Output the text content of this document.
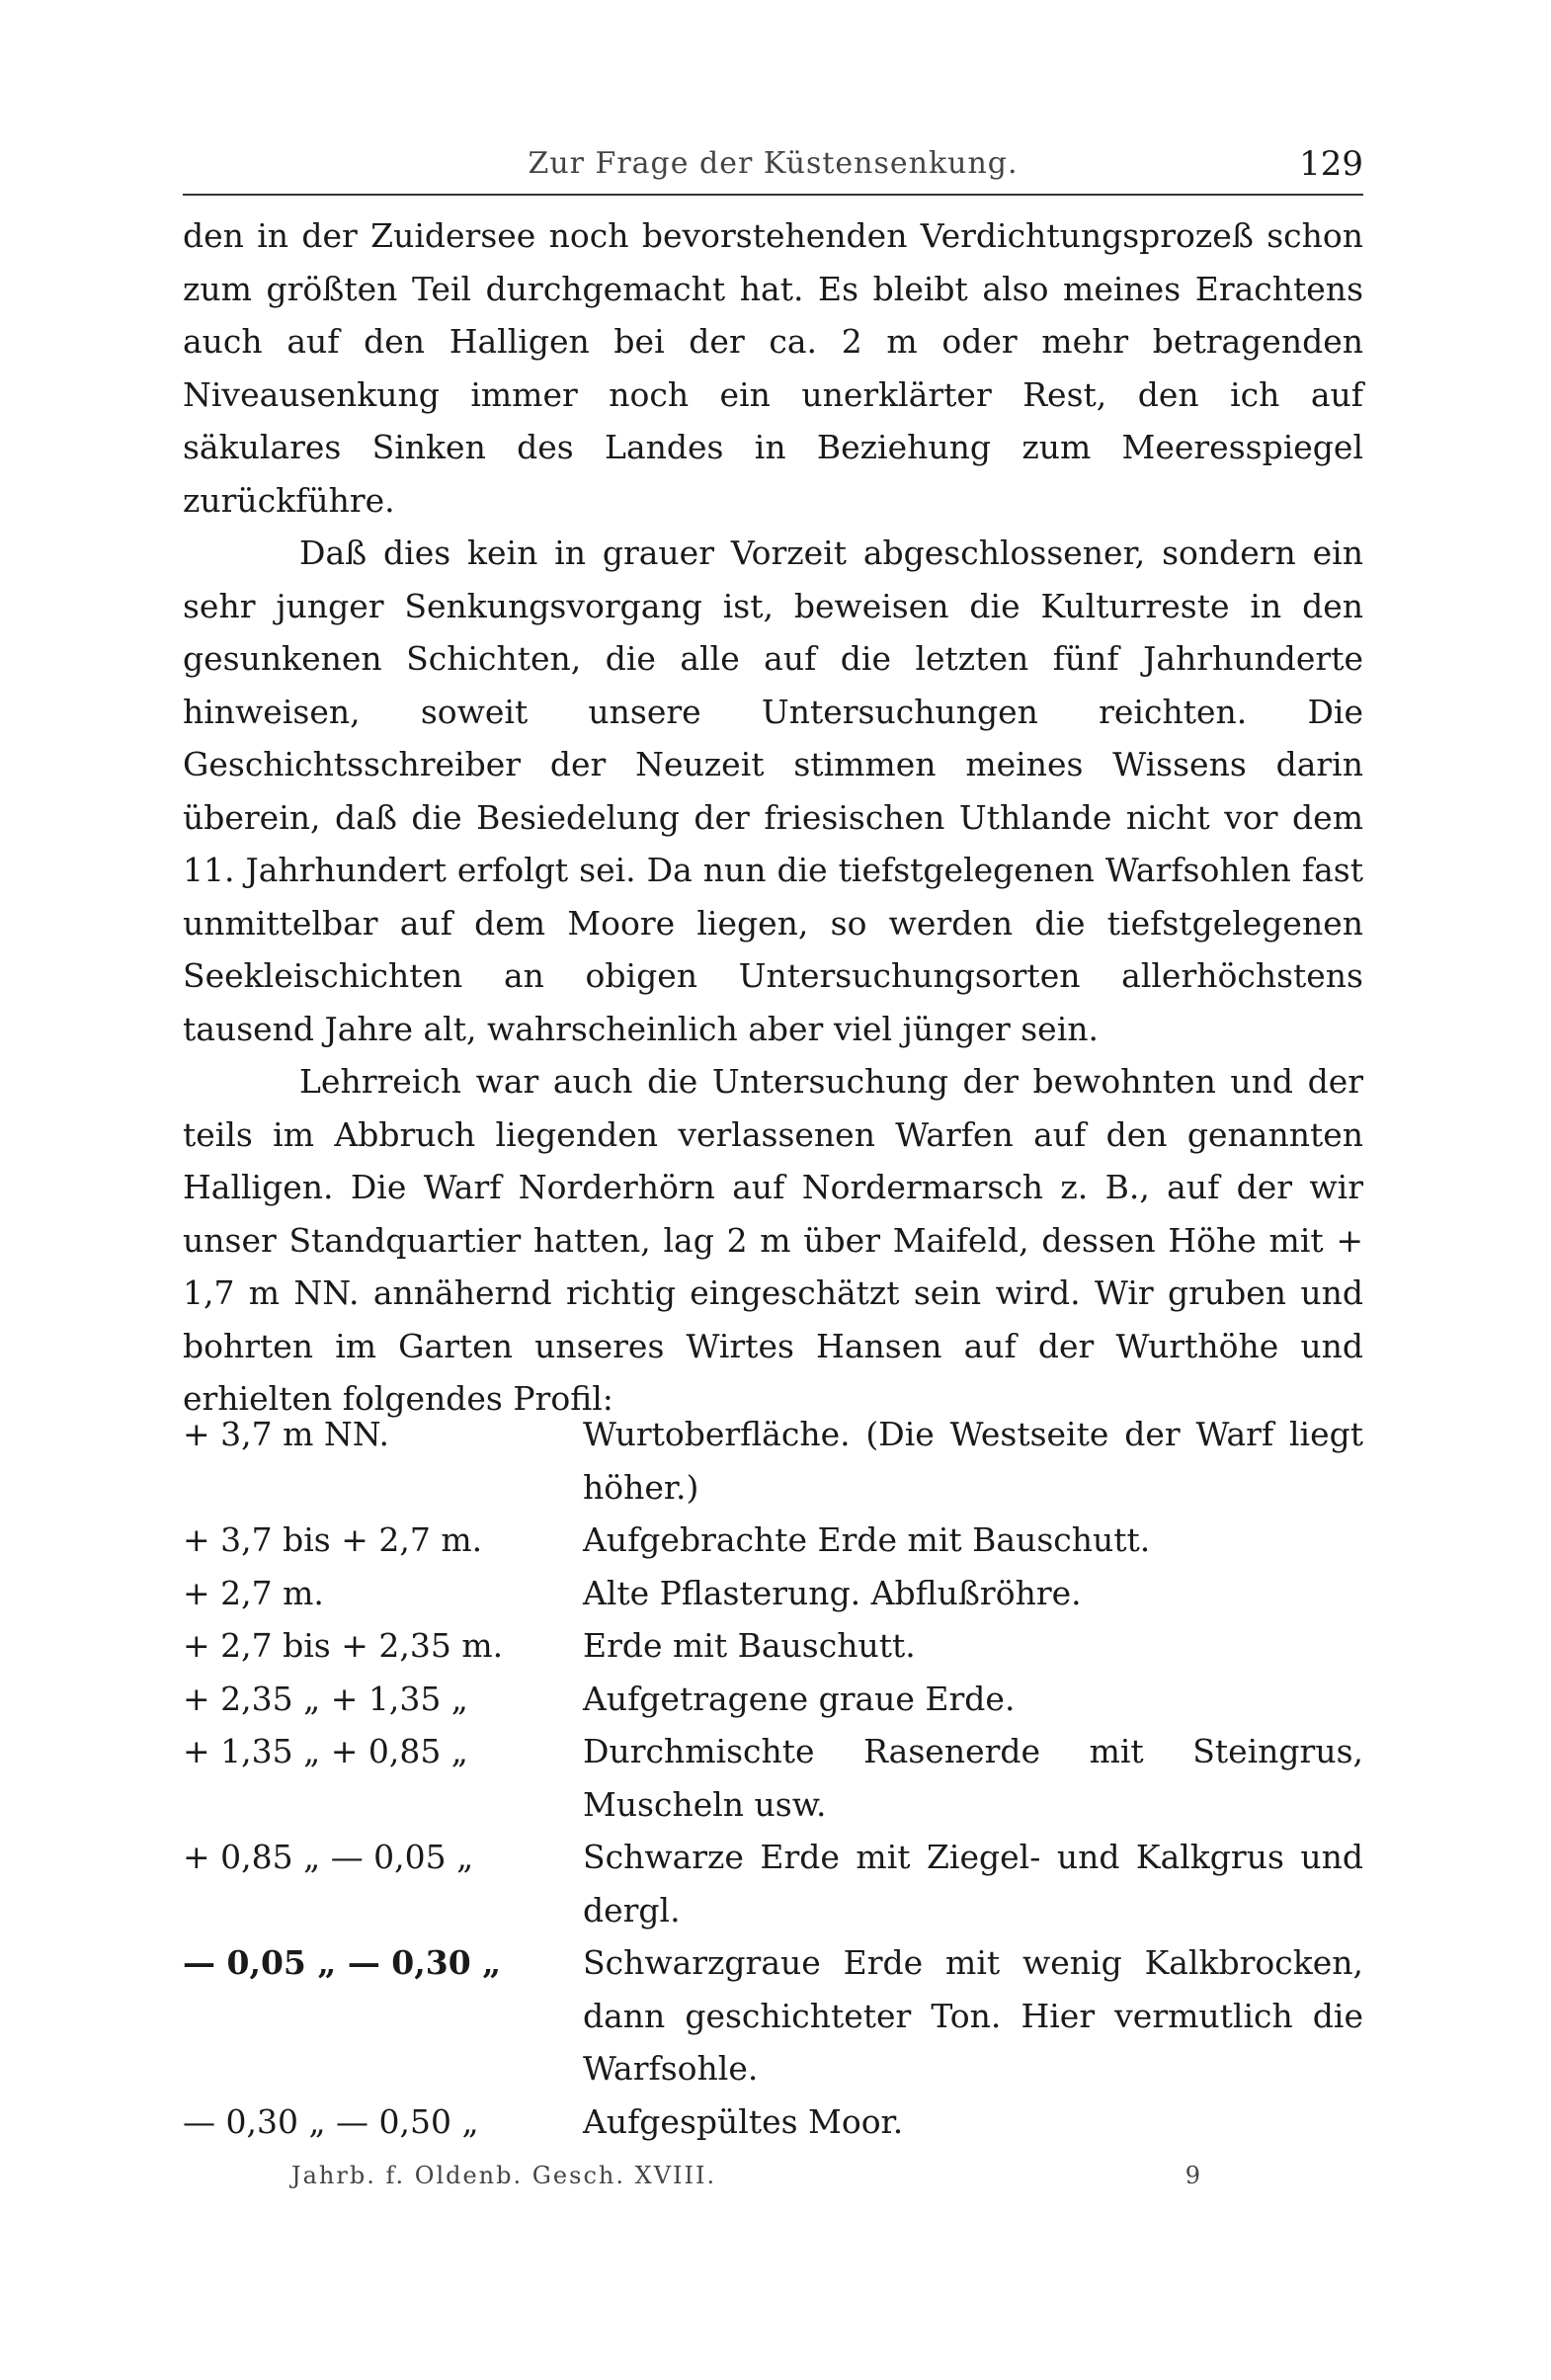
Zur Frage der Küstensenkung.	129

den in der Zuidersee noch bevorstehenden Verdichtungsprozeß schon zum größten Teil durchgemacht hat. Es bleibt also meines Erachtens auch auf den Halligen bei der ca. 2 m oder mehr betragenden Niveausenkung immer noch ein unerklärter Rest, den ich auf säkulares Sinken des Landes in Beziehung zum Meeresspiegel zurückführe.

Daß dies kein in grauer Vorzeit abgeschlossener, sondern ein sehr junger Senkungsvorgang ist, beweisen die Kulturreste in den gesunkenen Schichten, die alle auf die letzten fünf Jahrhunderte hinweisen, soweit unsere Untersuchungen reichten. Die Geschichtsschreiber der Neuzeit stimmen meines Wissens darin überein, daß die Besiedelung der friesischen Uthlande nicht vor dem 11. Jahrhundert erfolgt sei. Da nun die tiefstgelegenen Warfsohlen fast unmittelbar auf dem Moore liegen, so werden die tiefstgelegenen Seekleischichten an obigen Untersuchungsorten allerhöchstens tausend Jahre alt, wahrscheinlich aber viel jünger sein.

Lehrreich war auch die Untersuchung der bewohnten und der teils im Abbruch liegenden verlassenen Warfen auf den genannten Halligen. Die Warf Norderhörn auf Nordermarsch z. B., auf der wir unser Standquartier hatten, lag 2 m über Maifeld, dessen Höhe mit + 1,7 m NN. annähernd richtig eingeschätzt sein wird. Wir gruben und bohrten im Garten unseres Wirtes Hansen auf der Wurthöhe und erhielten folgendes Profil:

+ 3,7 m NN.	Wurtoberfläche. (Die Westseite der Warf liegt höher.)
+ 3,7 bis + 2,7 m.	Aufgebrachte Erde mit Bauschutt.
+ 2,7 m.	Alte Pflasterung. Abflußröhre.
+ 2,7 bis + 2,35 m.	Erde mit Bauschutt.
+ 2,35 „ + 1,35 „	Aufgetragene graue Erde.
+ 1,35 „ + 0,85 „	Durchmischte Rasenerde mit Steingrus, Muscheln usw.
+ 0,85 „ — 0,05 „	Schwarze Erde mit Ziegel- und Kalkgrus und dergl.
— 0,05 „ — 0,30 „	Schwarzgraue Erde mit wenig Kalkbrocken, dann geschichteter Ton. Hier vermutlich die Warfsohle.
— 0,30 „ — 0,50 „	Aufgespültes Moor.
Jahrb. f. Oldenb. Gesch. XVIII.	9
